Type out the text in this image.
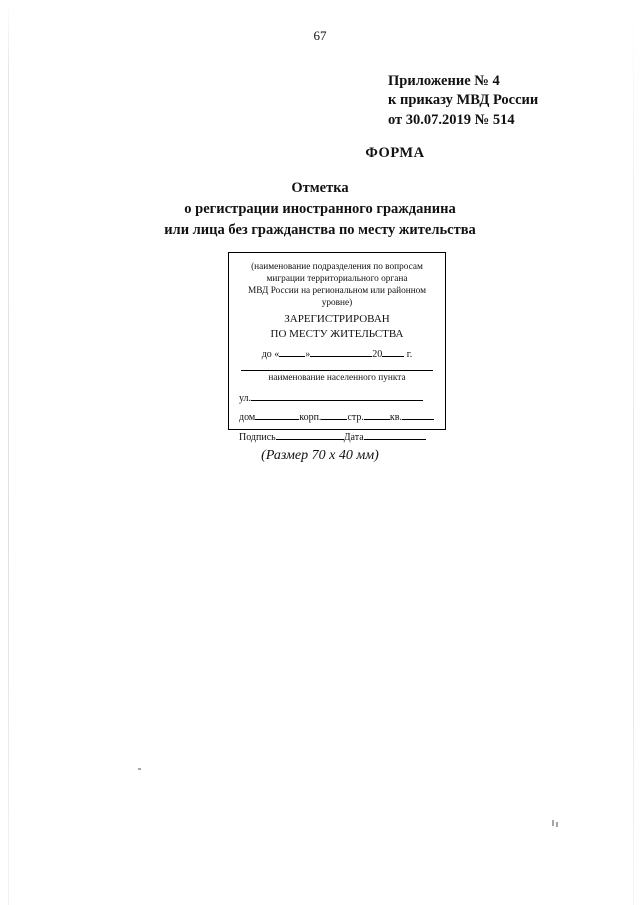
67
Приложение № 4
к приказу МВД России
от 30.07.2019 № 514
ФОРМА
Отметка
о регистрации иностранного гражданина
или лица без гражданства по месту жительства
(наименование подразделения по вопросам
миграции территориального органа
МВД России на региональном или районном
уровне)
ЗАРЕГИСТРИРОВАН
ПО МЕСТУ ЖИТЕЛЬСТВА
до «	»	20 г.
наименование населенного пункта
ул.
дом	корп.	стр.	кв.
Подпись	Дата
(Размер 70 х 40 мм)
